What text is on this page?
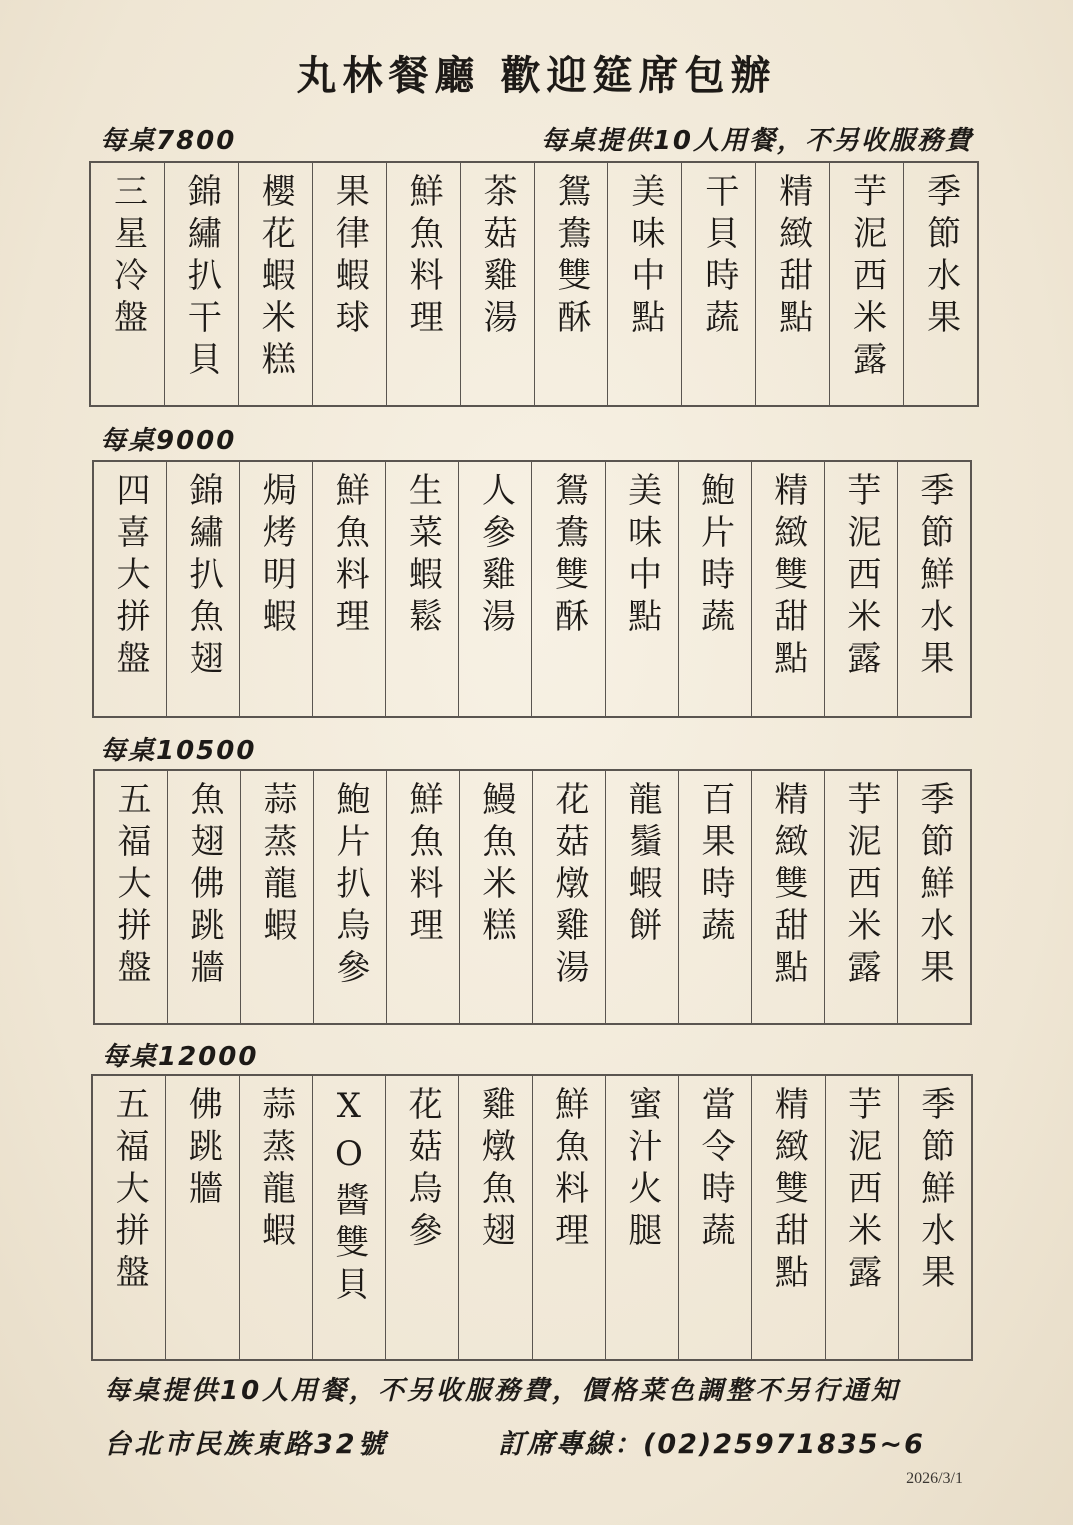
丸林餐廳 歡迎筵席包辦
每桌7800	每桌提供10人用餐，不另收服務費
三星冷盤 錦繡扒干貝 櫻花蝦米糕 果律蝦球 鮮魚料理 茶菇雞湯 鴛鴦雙酥 美味中點 干貝時蔬 精緻甜點 芋泥西米露 季節水果
每桌9000
四喜大拼盤 錦繡扒魚翅 焗烤明蝦 鮮魚料理 生菜蝦鬆 人參雞湯 鴛鴦雙酥 美味中點 鮑片時蔬 精緻雙甜點 芋泥西米露 季節鮮水果
每桌10500
五福大拼盤 魚翅佛跳牆 蒜蒸龍蝦 鮑片扒烏參 鮮魚料理 鰻魚米糕 花菇燉雞湯 龍鬚蝦餅 百果時蔬 精緻雙甜點 芋泥西米露 季節鮮水果
每桌12000
五福大拼盤 佛跳牆 蒜蒸龍蝦 XO醬雙貝 花菇烏參 雞燉魚翅 鮮魚料理 蜜汁火腿 當令時蔬 精緻雙甜點 芋泥西米露 季節鮮水果
每桌提供10人用餐，不另收服務費，價格菜色調整不另行通知
台北市民族東路32號	訂席專線：(02)25971835~6
2026/3/1
